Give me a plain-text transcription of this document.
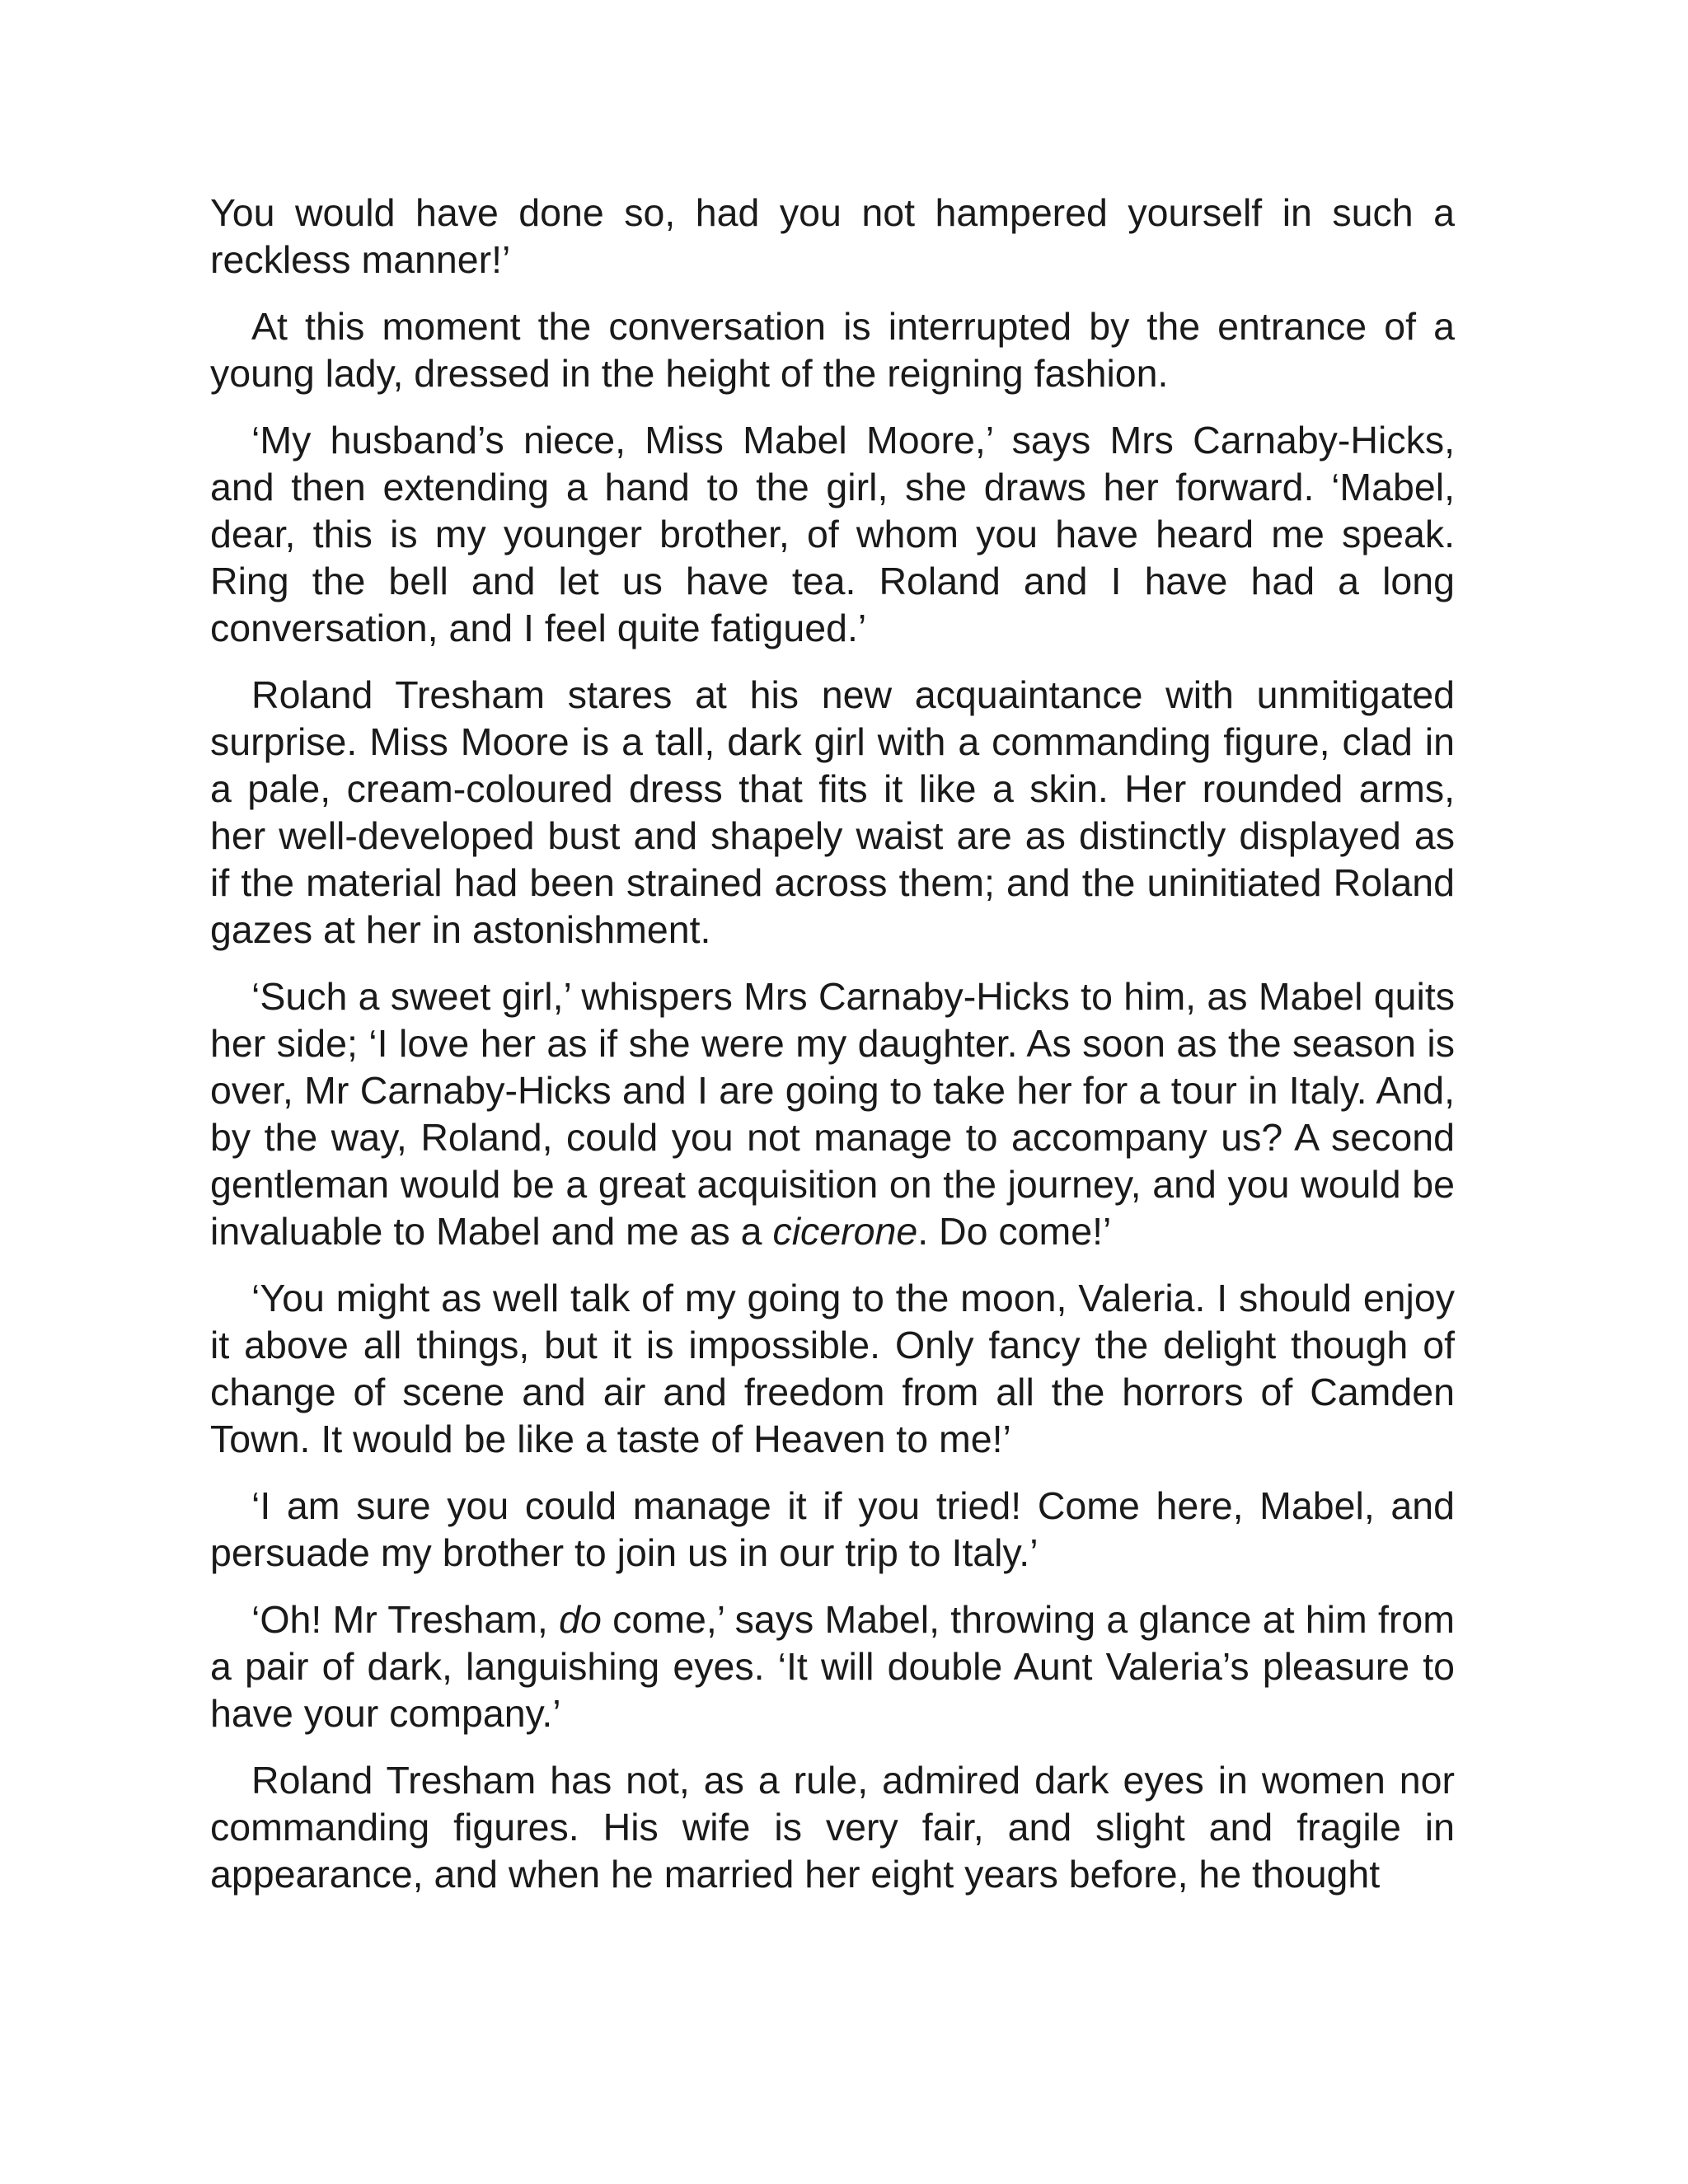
You would have done so, had you not hampered yourself in such a reckless manner!’

At this moment the conversation is interrupted by the entrance of a young lady, dressed in the height of the reigning fashion.

‘My husband’s niece, Miss Mabel Moore,’ says Mrs Carnaby-Hicks, and then extending a hand to the girl, she draws her forward. ‘Mabel, dear, this is my younger brother, of whom you have heard me speak. Ring the bell and let us have tea. Roland and I have had a long conversation, and I feel quite fatigued.’

Roland Tresham stares at his new acquaintance with unmitigated surprise. Miss Moore is a tall, dark girl with a commanding figure, clad in a pale, cream-coloured dress that fits it like a skin. Her rounded arms, her well-developed bust and shapely waist are as distinctly displayed as if the material had been strained across them; and the uninitiated Roland gazes at her in astonishment.

‘Such a sweet girl,’ whispers Mrs Carnaby-Hicks to him, as Mabel quits her side; ‘I love her as if she were my daughter. As soon as the season is over, Mr Carnaby-Hicks and I are going to take her for a tour in Italy. And, by the way, Roland, could you not manage to accompany us? A second gentleman would be a great acquisition on the journey, and you would be invaluable to Mabel and me as a cicerone. Do come!’

‘You might as well talk of my going to the moon, Valeria. I should enjoy it above all things, but it is impossible. Only fancy the delight though of change of scene and air and freedom from all the horrors of Camden Town. It would be like a taste of Heaven to me!’

‘I am sure you could manage it if you tried! Come here, Mabel, and persuade my brother to join us in our trip to Italy.’

‘Oh! Mr Tresham, do come,’ says Mabel, throwing a glance at him from a pair of dark, languishing eyes. ‘It will double Aunt Valeria’s pleasure to have your company.’

Roland Tresham has not, as a rule, admired dark eyes in women nor commanding figures. His wife is very fair, and slight and fragile in appearance, and when he married her eight years before, he thought
